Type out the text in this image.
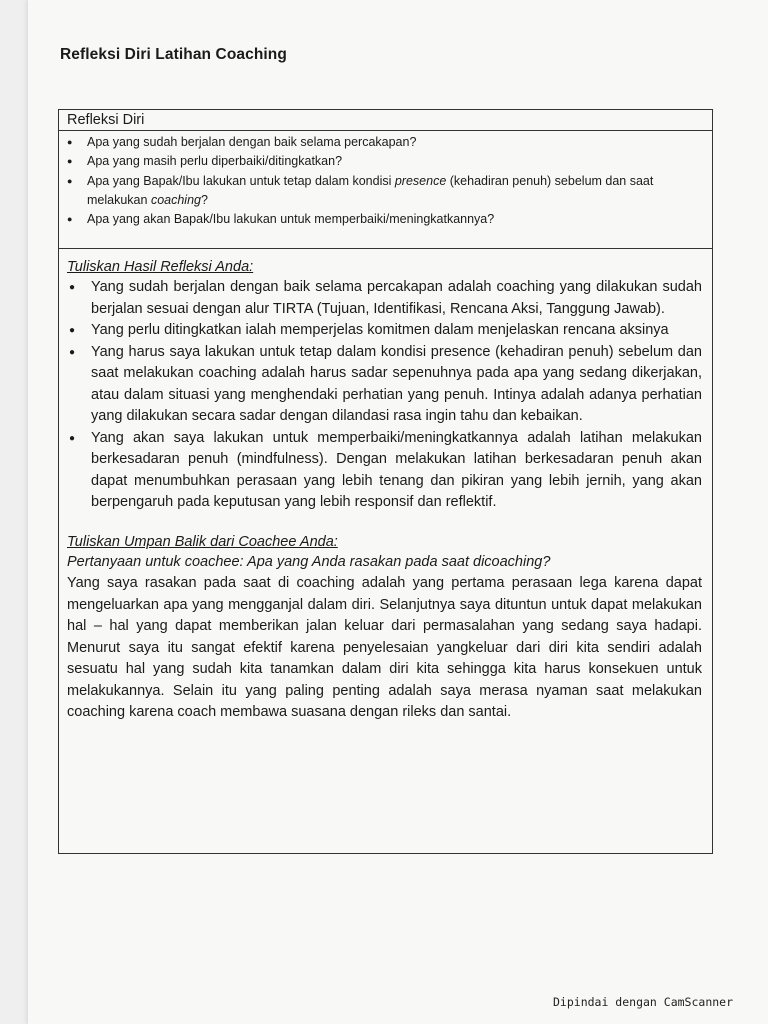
Refleksi Diri Latihan Coaching
Refleksi Diri
● Apa yang sudah berjalan dengan baik selama percakapan?
● Apa yang masih perlu diperbaiki/ditingkatkan?
● Apa yang Bapak/Ibu lakukan untuk tetap dalam kondisi presence (kehadiran penuh) sebelum dan saat melakukan coaching?
● Apa yang akan Bapak/Ibu lakukan untuk memperbaiki/meningkatkannya?
Tuliskan Hasil Refleksi Anda:
● Yang sudah berjalan dengan baik selama percakapan adalah coaching yang dilakukan sudah berjalan sesuai dengan alur TIRTA (Tujuan, Identifikasi, Rencana Aksi, Tanggung Jawab).
● Yang perlu ditingkatkan ialah memperjelas komitmen dalam menjelaskan rencana aksinya
● Yang harus saya lakukan untuk tetap dalam kondisi presence (kehadiran penuh) sebelum dan saat melakukan coaching adalah harus sadar sepenuhnya pada apa yang sedang dikerjakan, atau dalam situasi yang menghendaki perhatian yang penuh. Intinya adalah adanya perhatian yang dilakukan secara sadar dengan dilandasi rasa ingin tahu dan kebaikan.
● Yang akan saya lakukan untuk memperbaiki/meningkatkannya adalah latihan melakukan berkesadaran penuh (mindfulness). Dengan melakukan latihan berkesadaran penuh akan dapat menumbuhkan perasaan yang lebih tenang dan pikiran yang lebih jernih, yang akan berpengaruh pada keputusan yang lebih responsif dan reflektif.
Tuliskan Umpan Balik dari Coachee Anda:
Pertanyaan untuk coachee: Apa yang Anda rasakan pada saat dicoaching?
Yang saya rasakan pada saat di coaching adalah yang pertama perasaan lega karena dapat mengeluarkan apa yang mengganjal dalam diri. Selanjutnya saya dituntun untuk dapat melakukan hal – hal yang dapat memberikan jalan keluar dari permasalahan yang sedang saya hadapi. Menurut saya itu sangat efektif karena penyelesaian yangkeluar dari diri kita sendiri adalah sesuatu hal yang sudah kita tanamkan dalam diri kita sehingga kita harus konsekuen untuk melakukannya. Selain itu yang paling penting adalah saya merasa nyaman saat melakukan coaching karena coach membawa suasana dengan rileks dan santai.
Dipindai dengan CamScanner
